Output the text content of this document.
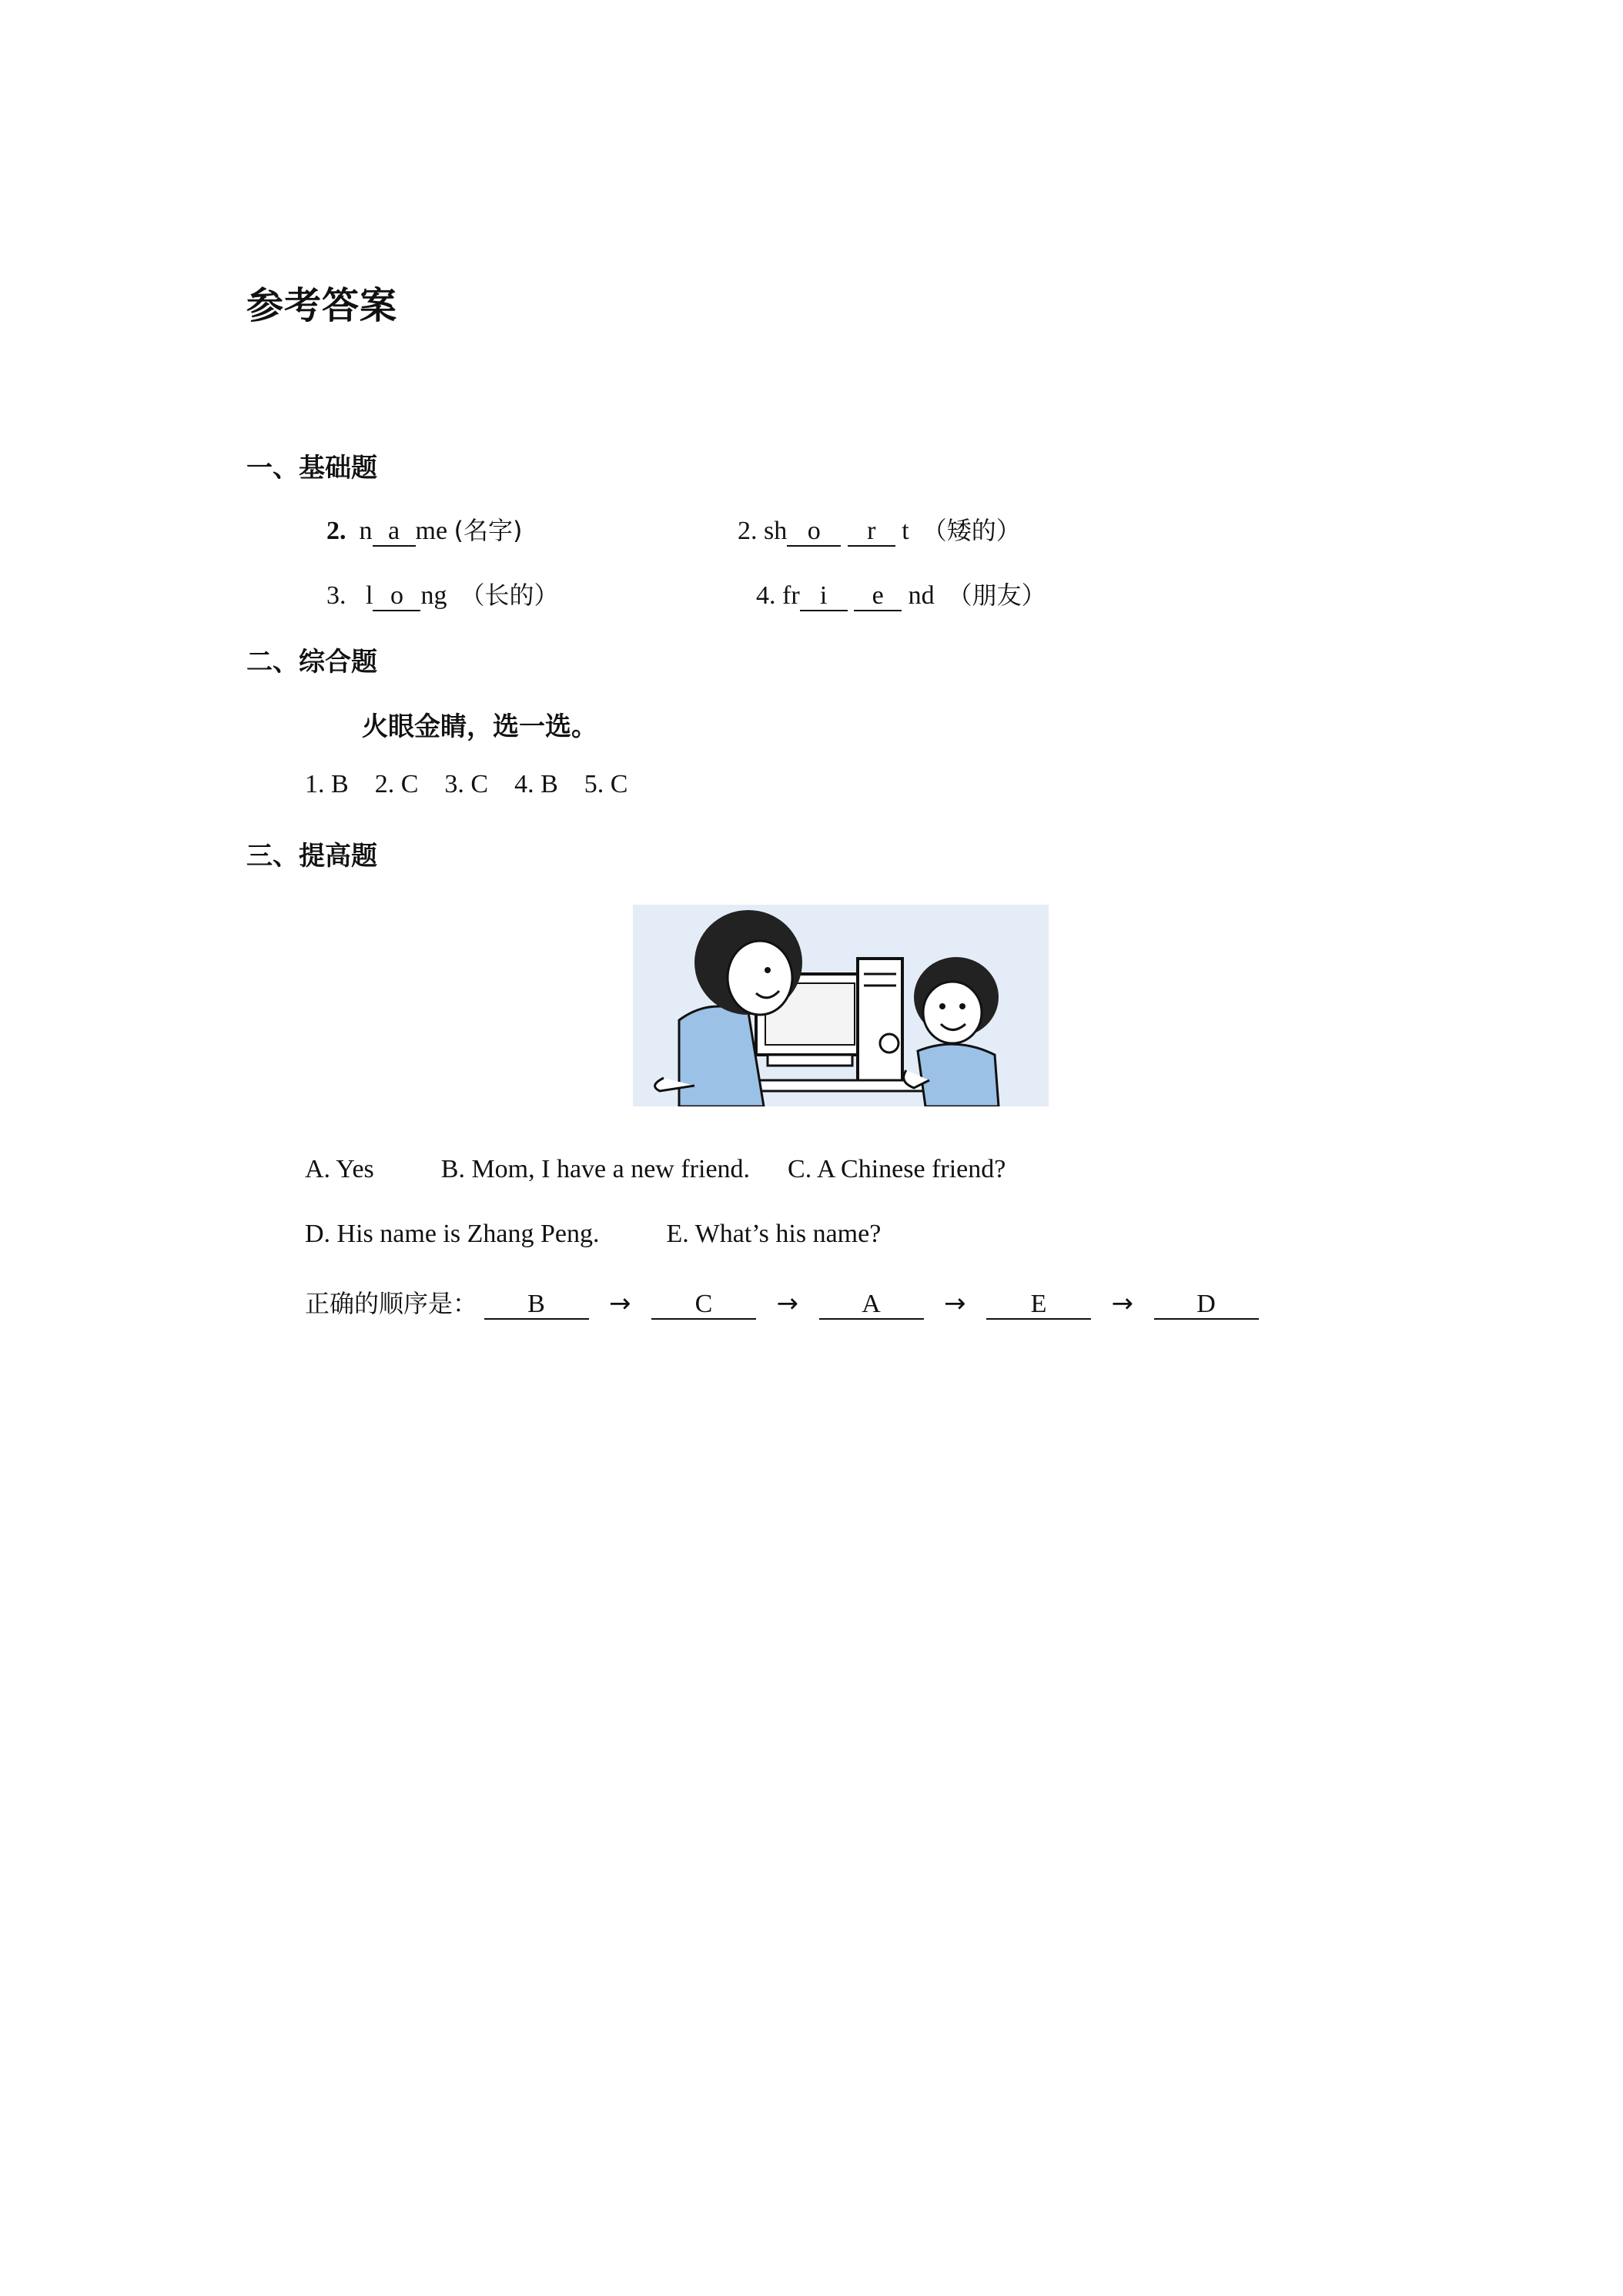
参考答案
一、基础题
2. n a me (名字)	2. sh o r t （矮的）
3. l o ng （长的）	4. fr i e nd （朋友）
二、综合题
火眼金睛，选一选。
1. B 2. C 3. C 4. B 5. C
三、提高题
A. Yes	B. Mom, I have a new friend. C. A Chinese friend?
D. His name is Zhang Peng.	E. What’s his name?
正确的顺序是： B → C → A → E → D
